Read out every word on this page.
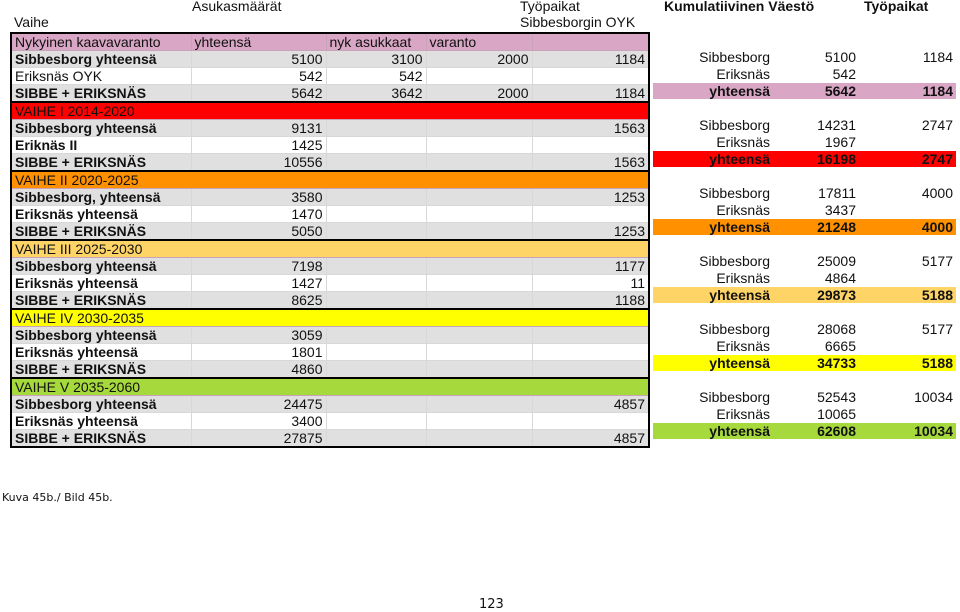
Asukasmäärät
Vaihe
Työpaikat
Sibbesborgin OYK
Kumulatiivinen Väestö	Työpaikat
Nykyinen kaavavaranto	yhteensä	nyk asukkaat	varanto	
Sibbesborg yhteensä	5100	3100	2000	1184
Eriksnäs OYK	542	542		
SIBBE + ERIKSNÄS	5642	3642	2000	1184
VAIHE I 2014-2020				
Sibbesborg yhteensä	9131			1563
Eriknäs II	1425			
SIBBE + ERIKSNÄS	10556			1563
VAIHE II 2020-2025				
Sibbesborg, yhteensä	3580			1253
Eriksnäs yhteensä	1470			
SIBBE + ERIKSNÄS	5050			1253
VAIHE III 2025-2030				
Sibbesborg yhteensä	7198			1177
Eriksnäs yhteensä	1427			11
SIBBE + ERIKSNÄS	8625			1188
VAIHE IV 2030-2035				
Sibbesborg yhteensä	3059			
Eriksnäs yhteensä	1801			
SIBBE + ERIKSNÄS	4860			
VAIHE V 2035-2060				
Sibbesborg yhteensä	24475			4857
Eriksnäs yhteensä	3400			
SIBBE + ERIKSNÄS	27875			4857

Sibbesborg	5100	1184
Eriksnäs	542	
yhteensä	5642	1184

Sibbesborg	14231	2747
Eriksnäs	1967	
yhteensä	16198	2747

Sibbesborg	17811	4000
Eriksnäs	3437	
yhteensä	21248	4000

Sibbesborg	25009	5177
Eriksnäs	4864	
yhteensä	29873	5188

Sibbesborg	28068	5177
Eriksnäs	6665	
yhteensä	34733	5188

Sibbesborg	52543	10034
Eriksnäs	10065	
yhteensä	62608	10034
Kuva 45b./ Bild 45b.
123
